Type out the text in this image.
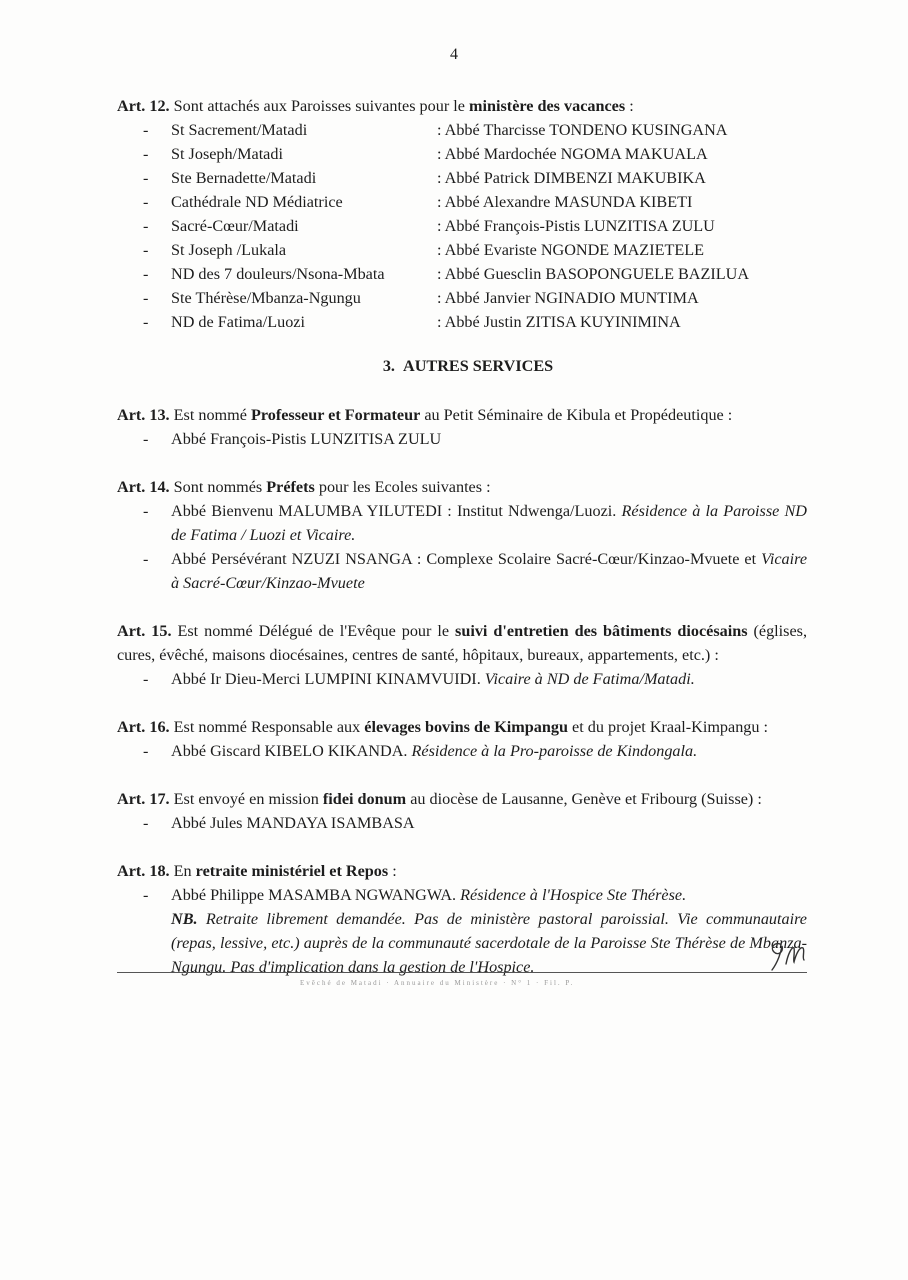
4

Art. 12. Sont attachés aux Paroisses suivantes pour le ministère des vacances :

- St Sacrement/Matadi	: Abbé Tharcisse TONDENO KUSINGANA
- St Joseph/Matadi	: Abbé Mardochée NGOMA MAKUALA
- Ste Bernadette/Matadi	: Abbé Patrick DIMBENZI MAKUBIKA
- Cathédrale ND Médiatrice	: Abbé Alexandre MASUNDA KIBETI
- Sacré-Cœur/Matadi	: Abbé François-Pistis LUNZITISA ZULU
- St Joseph /Lukala	: Abbé Evariste NGONDE MAZIETELE
- ND des 7 douleurs/Nsona-Mbata	: Abbé Guesclin BASOPONGUELE BAZILUA
- Ste Thérèse/Mbanza-Ngungu	: Abbé Janvier NGINADIO MUNTIMA
- ND de Fatima/Luozi	: Abbé Justin ZITISA KUYINIMINA
3.  AUTRES SERVICES

Art. 13. Est nommé Professeur et Formateur au Petit Séminaire de Kibula et Propédeutique :

- Abbé François-Pistis LUNZITISA ZULU

Art. 14. Sont nommés Préfets pour les Ecoles suivantes :

- Abbé Bienvenu MALUMBA YILUTEDI : Institut Ndwenga/Luozi. Résidence à la Paroisse ND de Fatima / Luozi et Vicaire.
- Abbé Persévérant NZUZI NSANGA : Complexe Scolaire Sacré-Cœur/Kinzao-Mvuete et Vicaire à Sacré-Cœur/Kinzao-Mvuete

Art. 15. Est nommé Délégué de l'Evêque pour le suivi d'entretien des bâtiments diocésains (églises, cures, évêché, maisons diocésaines, centres de santé, hôpitaux, bureaux, appartements, etc.) :

- Abbé Ir Dieu-Merci LUMPINI KINAMVUIDI. Vicaire à ND de Fatima/Matadi.

Art. 16. Est nommé Responsable aux élevages bovins de Kimpangu et du projet Kraal-Kimpangu :

- Abbé Giscard KIBELO KIKANDA. Résidence à la Pro-paroisse de Kindongala.

Art. 17. Est envoyé en mission fidei donum au diocèse de Lausanne, Genève et Fribourg (Suisse) :

- Abbé Jules MANDAYA ISAMBASA

Art. 18. En retraite ministériel et Repos :

- Abbé Philippe MASAMBA NGWANGWA. Résidence à l'Hospice Ste Thérèse.
NB. Retraite librement demandée. Pas de ministère pastoral paroissial. Vie communautaire (repas, lessive, etc.) auprès de la communauté sacerdotale de la Paroisse Ste Thérèse de Mbanza-Ngungu. Pas d'implication dans la gestion de l'Hospice.
Evêché de Matadi · Annuaire du Ministère · N° 1 · Fil. P.
